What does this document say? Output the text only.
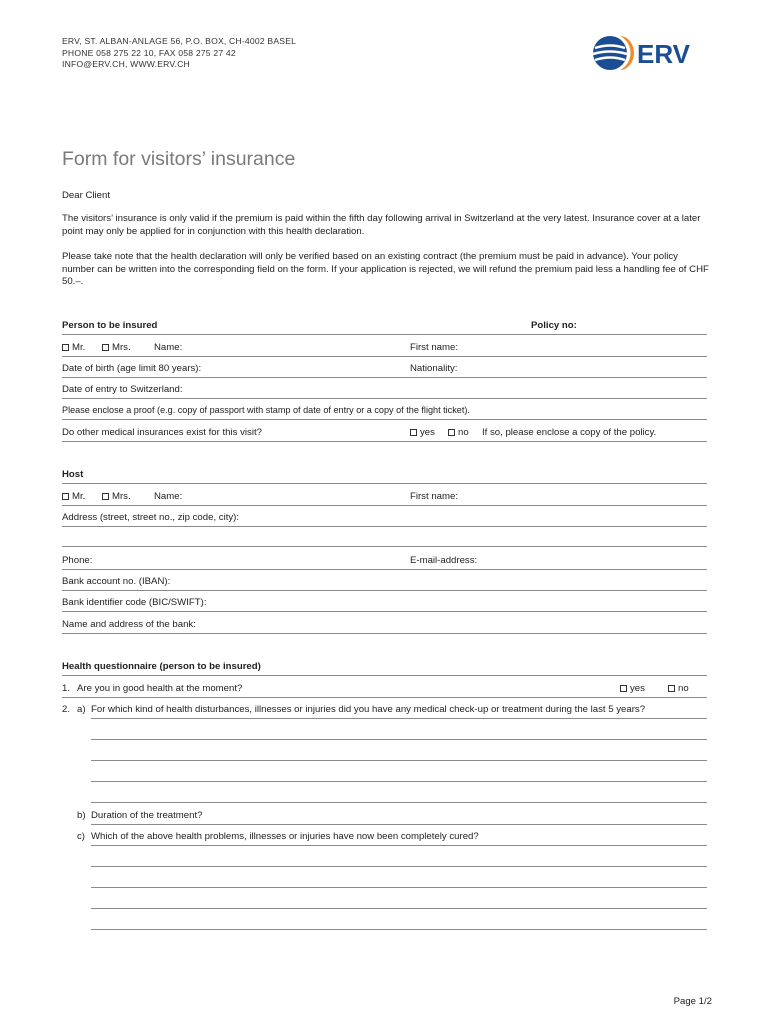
ERV, ST. ALBAN-ANLAGE 56, P.O. BOX, CH-4002 BASEL
PHONE 058 275 22 10, FAX 058 275 27 42
INFO@ERV.CH, WWW.ERV.CH	ERV
Form for visitors’ insurance
Dear Client
The visitors’ insurance is only valid if the premium is paid within the fifth day following arrival in Switzerland at the very latest. Insurance cover at a later point may only be applied for in conjunction with this health declaration.
Please take note that the health declaration will only be verified based on an existing contract (the premium must be paid in advance). Your policy number can be written into the corresponding field on the form. If your application is rejected, we will refund the premium paid less a handling fee of CHF 50.–.
Person to be insured	Policy no:
Mr.	Mrs. Name:	First name:
Date of birth (age limit 80 years):	Nationality:
Date of entry to Switzerland:
Please enclose a proof (e.g. copy of passport with stamp of date of entry or a copy of the flight ticket).
Do other medical insurances exist for this visit?	yes	no If so, please enclose a copy of the policy.
Host
Mr.	Mrs. Name:	First name:
Address (street, street no., zip code, city):
Phone:	E-mail-address:
Bank account no. (IBAN):
Bank identifier code (BIC/SWIFT):
Name and address of the bank:
Health questionnaire (person to be insured)
1. Are you in good health at the moment?	yes	no
2. a) For which kind of health disturbances, illnesses or injuries did you have any medical check-up or treatment during the last 5 years?
b) Duration of the treatment?
c) Which of the above health problems, illnesses or injuries have now been completely cured?
Page 1/2
